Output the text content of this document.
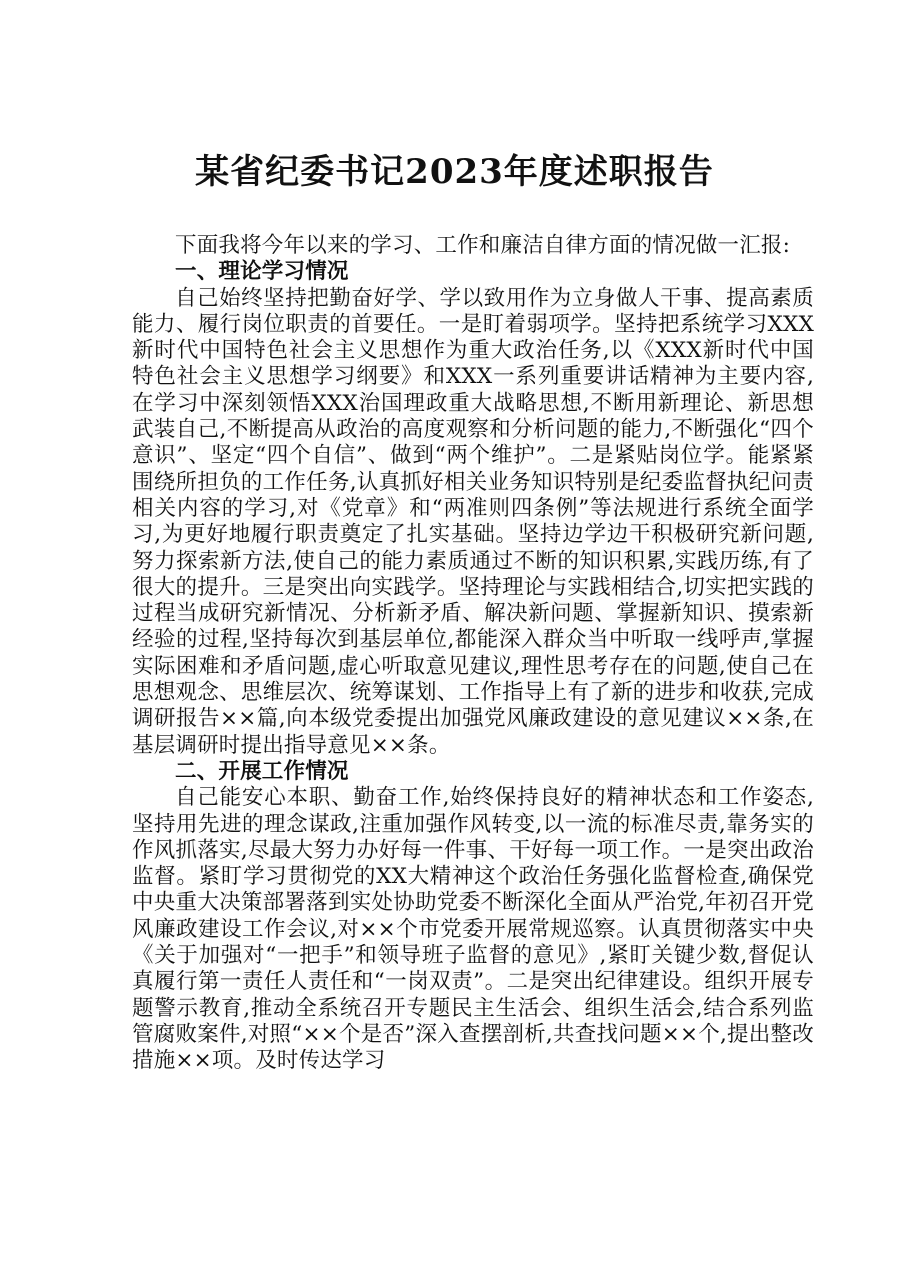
某省纪委书记2023年度述职报告

下面我将今年以来的学习、工作和廉洁自律方面的情况做一汇报:

一、理论学习情况

自己始终坚持把勤奋好学、学以致用作为立身做人干事、提高素质能力、履行岗位职责的首要任。一是盯着弱项学。坚持把系统学习XXX新时代中国特色社会主义思想作为重大政治任务,以《XXX新时代中国特色社会主义思想学习纲要》和XXX一系列重要讲话精神为主要内容,在学习中深刻领悟XXX治国理政重大战略思想,不断用新理论、新思想武装自己,不断提高从政治的高度观察和分析问题的能力,不断强化“四个意识”、坚定“四个自信”、做到“两个维护”。二是紧贴岗位学。能紧紧围绕所担负的工作任务,认真抓好相关业务知识特别是纪委监督执纪问责相关内容的学习,对《党章》和“两准则四条例”等法规进行系统全面学习,为更好地履行职责奠定了扎实基础。坚持边学边干积极研究新问题,努力探索新方法,使自己的能力素质通过不断的知识积累,实践历练,有了很大的提升。三是突出向实践学。坚持理论与实践相结合,切实把实践的过程当成研究新情况、分析新矛盾、解决新问题、掌握新知识、摸索新经验的过程,坚持每次到基层单位,都能深入群众当中听取一线呼声,掌握实际困难和矛盾问题,虚心听取意见建议,理性思考存在的问题,使自己在思想观念、思维层次、统筹谋划、工作指导上有了新的进步和收获,完成调研报告××篇,向本级党委提出加强党风廉政建设的意见建议××条,在基层调研时提出指导意见××条。

二、开展工作情况

自己能安心本职、勤奋工作,始终保持良好的精神状态和工作姿态,坚持用先进的理念谋政,注重加强作风转变,以一流的标准尽责,靠务实的作风抓落实,尽最大努力办好每一件事、干好每一项工作。一是突出政治监督。紧盯学习贯彻党的XX大精神这个政治任务强化监督检查,确保党中央重大决策部署落到实处协助党委不断深化全面从严治党,年初召开党风廉政建设工作会议,对××个市党委开展常规巡察。认真贯彻落实中央《关于加强对“一把手”和领导班子监督的意见》,紧盯关键少数,督促认真履行第一责任人责任和“一岗双责”。二是突出纪律建设。组织开展专题警示教育,推动全系统召开专题民主生活会、组织生活会,结合系列监管腐败案件,对照“××个是否”深入查摆剖析,共查找问题××个,提出整改措施××项。及时传达学习
